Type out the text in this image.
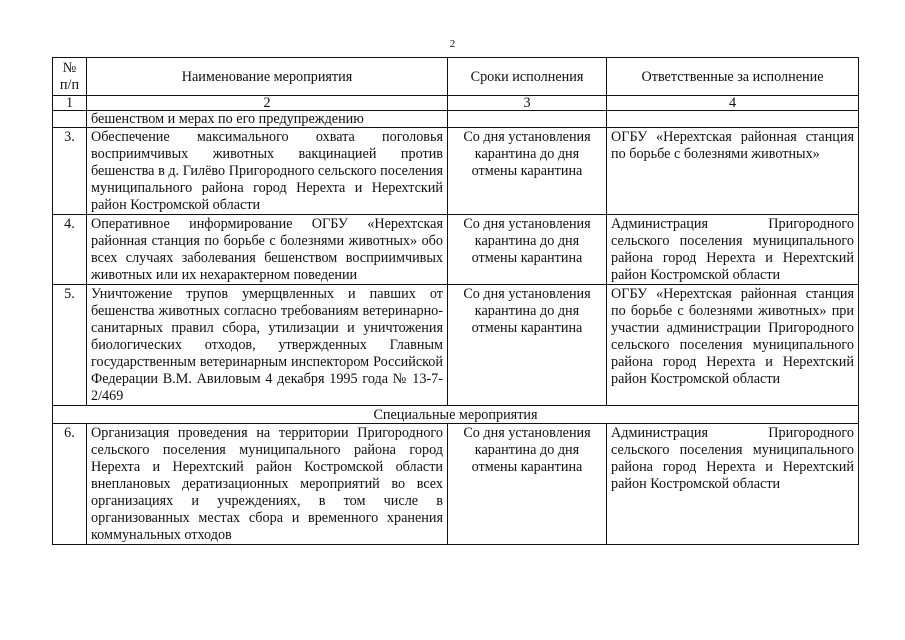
2
№ п/п	Наименование мероприятия	Сроки исполнения	Ответственные за исполнение
1	2	3	4
	бешенством и мерах по его предупреждению		
3.	Обеспечение максимального охвата поголовья восприимчивых животных вакцинацией против бешенства в д. Гилёво Пригородного сельского поселения муниципального района город Нерехта и Нерехтский район Костромской области	Со дня установления карантина до дня отмены карантина	ОГБУ «Нерехтская районная станция по борьбе с болезнями животных»
4.	Оперативное информирование ОГБУ «Нерехтская районная станция по борьбе с болезнями животных» обо всех случаях заболевания бешенством восприимчивых животных или их нехарактерном поведении	Со дня установления карантина до дня отмены карантина	Администрация Пригородного сельского поселения муниципального района город Нерехта и Нерехтский район Костромской области
5.	Уничтожение трупов умерщвленных и павших от бешенства животных согласно требованиям ветеринарно-санитарных правил сбора, утилизации и уничтожения биологических отходов, утвержденных Главным государственным ветеринарным инспектором Российской Федерации В.М. Авиловым 4 декабря 1995 года № 13-7-2/469	Со дня установления карантина до дня отмены карантина	ОГБУ «Нерехтская районная станция по борьбе с болезнями животных» при участии администрации Пригородного сельского поселения муниципального района город Нерехта и Нерехтский район Костромской области
Специальные мероприятия			
6.	Организация проведения на территории Пригородного сельского поселения муниципального района город Нерехта и Нерехтский район Костромской области внеплановых дератизационных мероприятий во всех организациях и учреждениях, в том числе в организованных местах сбора и временного хранения коммунальных отходов	Со дня установления карантина до дня отмены карантина	Администрация Пригородного сельского поселения муниципального района город Нерехта и Нерехтский район Костромской области
